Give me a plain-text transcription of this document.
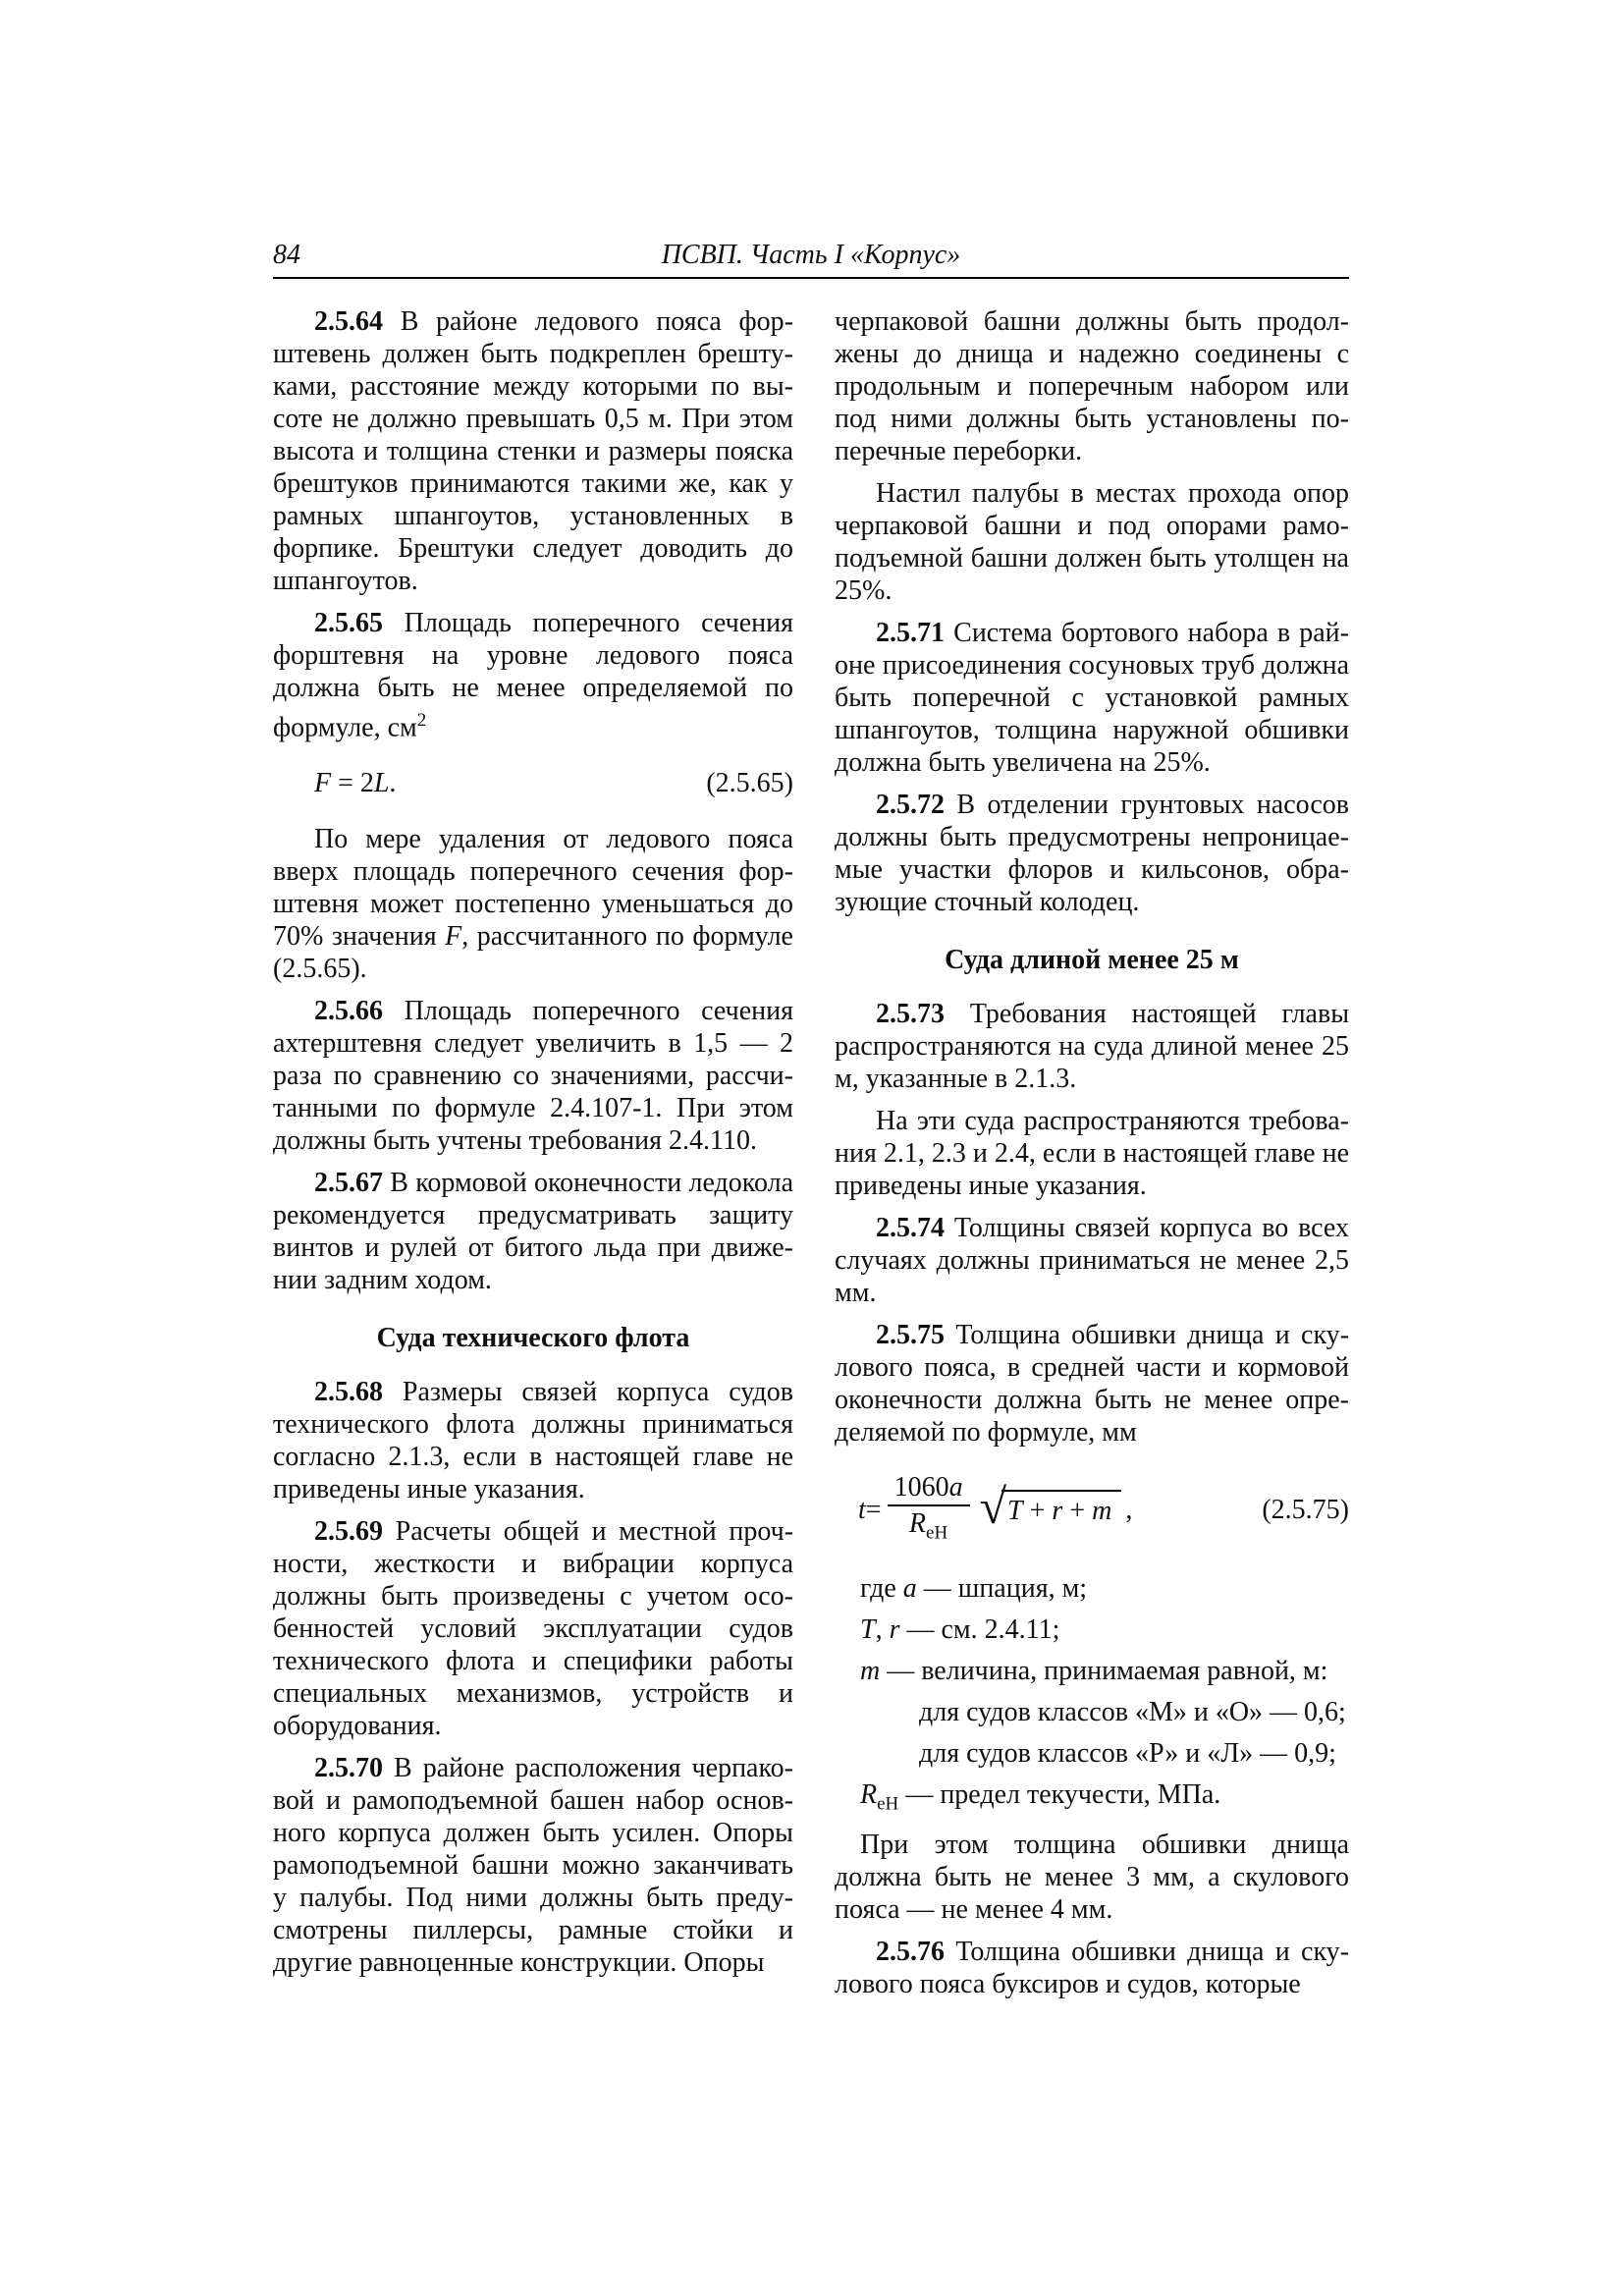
84	ПСВП. Часть I «Корпус»

2.5.64 В районе ледового пояса форштевень должен быть подкреплен брештуками, расстояние между которыми по высоте не должно превышать 0,5 м. При этом высота и толщина стенки и размеры пояска брештуков принимаются такими же, как у рамных шпангоутов, установленных в форпике. Брештуки следует доводить до шпангоутов.

2.5.65 Площадь поперечного сечения форштевня на уровне ледового пояса должна быть не менее определяемой по формуле, $см^2$

F = 2L.	(2.5.65)

По мере удаления от ледового пояса вверх площадь поперечного сечения форштевня может постепенно уменьшаться до 70% значения F, рассчитанного по формуле (2.5.65).

2.5.66 Площадь поперечного сечения ахтерштевня следует увеличить в 1,5 — 2 раза по сравнению со значениями, рассчитанными по формуле 2.4.107-1. При этом должны быть учтены требования 2.4.110.

2.5.67 В кормовой оконечности ледокола рекомендуется предусматривать защиту винтов и рулей от битого льда при движении задним ходом.

Суда технического флота

2.5.68 Размеры связей корпуса судов технического флота должны приниматься согласно 2.1.3, если в настоящей главе не приведены иные указания.

2.5.69 Расчеты общей и местной прочности, жесткости и вибрации корпуса должны быть произведены с учетом особенностей условий эксплуатации судов технического флота и специфики работы специальных механизмов, устройств и оборудования.

2.5.70 В районе расположения черпаковой и рамоподъемной башен набор основного корпуса должен быть усилен. Опоры рамоподъемной башни можно заканчивать у палубы. Под ними должны быть предусмотрены пиллерсы, рамные стойки и другие равноценные конструкции. Опоры

черпаковой башни должны быть продолжены до днища и надежно соединены с продольным и поперечным набором или под ними должны быть установлены поперечные переборки.

Настил палубы в местах прохода опор черпаковой башни и под опорами рамоподъемной башни должен быть утолщен на 25%.

2.5.71 Система бортового набора в районе присоединения сосуновых труб должна быть поперечной с установкой рамных шпангоутов, толщина наружной обшивки должна быть увеличена на 25%.

2.5.72 В отделении грунтовых насосов должны быть предусмотрены непроницаемые участки флоров и кильсонов, образующие сточный колодец.

Суда длиной менее 25 м

2.5.73 Требования настоящей главы распространяются на суда длиной менее 25 м, указанные в 2.1.3.

На эти суда распространяются требования 2.1, 2.3 и 2.4, если в настоящей главе не приведены иные указания.

2.5.74 Толщины связей корпуса во всех случаях должны приниматься не менее 2,5 мм.

2.5.75 Толщина обшивки днища и скулового пояса, в средней части и кормовой оконечности должна быть не менее определяемой по формуле, мм

$t = \frac{1060a}{R_{еН}}$ √ T + r + m ,	(2.5.75)

где a — шпация, м;

T, r — см. 2.4.11;

m — величина, принимаемая равной, м:

для судов классов «М» и «О» — 0,6;

для судов классов «Р» и «Л» — 0,9;

$R_{еН}$ — предел текучести, МПа.

При этом толщина обшивки днища должна быть не менее 3 мм, а скулового пояса — не менее 4 мм.

2.5.76 Толщина обшивки днища и скулового пояса буксиров и судов, которые
